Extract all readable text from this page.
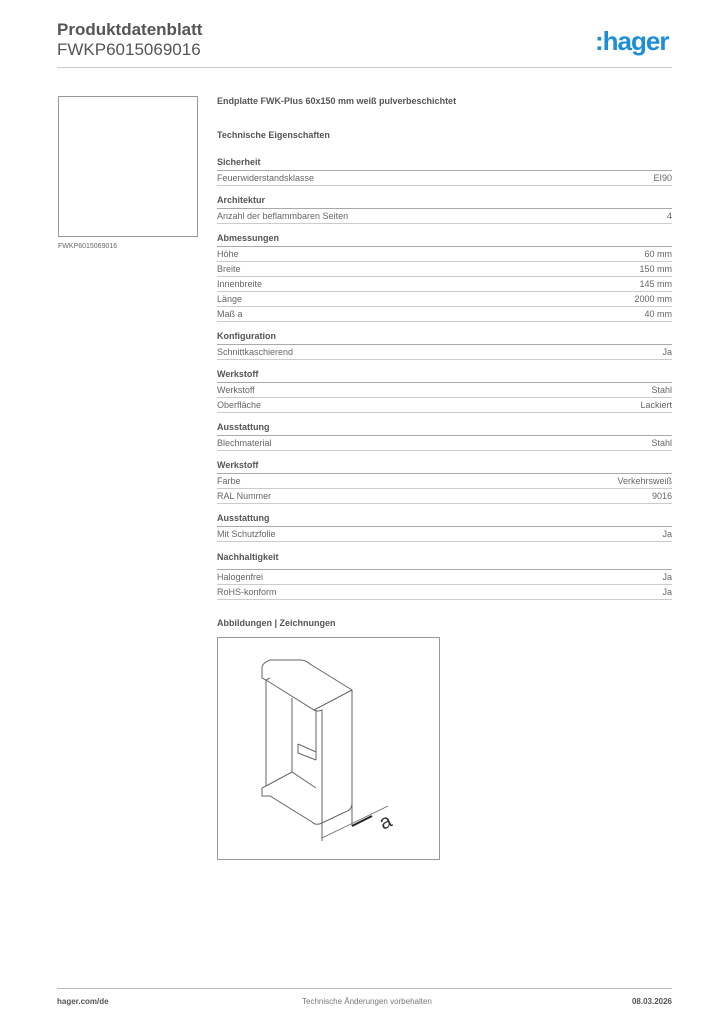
Produktdatenblatt
FWKP6015069016	:hager
FWKP6015069016
Endplatte FWK-Plus 60x150 mm weiß pulverbeschichtet
Technische Eigenschaften
Sicherheit
Feuerwiderstandsklasse	EI90
Architektur
Anzahl der beflammbaren Seiten	4
Abmessungen
Höhe	60 mm
Breite	150 mm
Innenbreite	145 mm
Länge	2000 mm
Maß a	40 mm
Konfiguration
Schnittkaschierend	Ja
Werkstoff
Werkstoff	Stahl
Oberfläche	Lackiert
Ausstattung
Blechmaterial	Stahl
Werkstoff
Farbe	Verkehrsweiß
RAL Nummer	9016
Ausstattung
Mit Schutzfolie	Ja
Nachhaltigkeit
Halogenfrei	Ja
RoHS-konform	Ja
Abbildungen | Zeichnungen
a
hager.com/de	Technische Änderungen vorbehalten	08.03.2026
